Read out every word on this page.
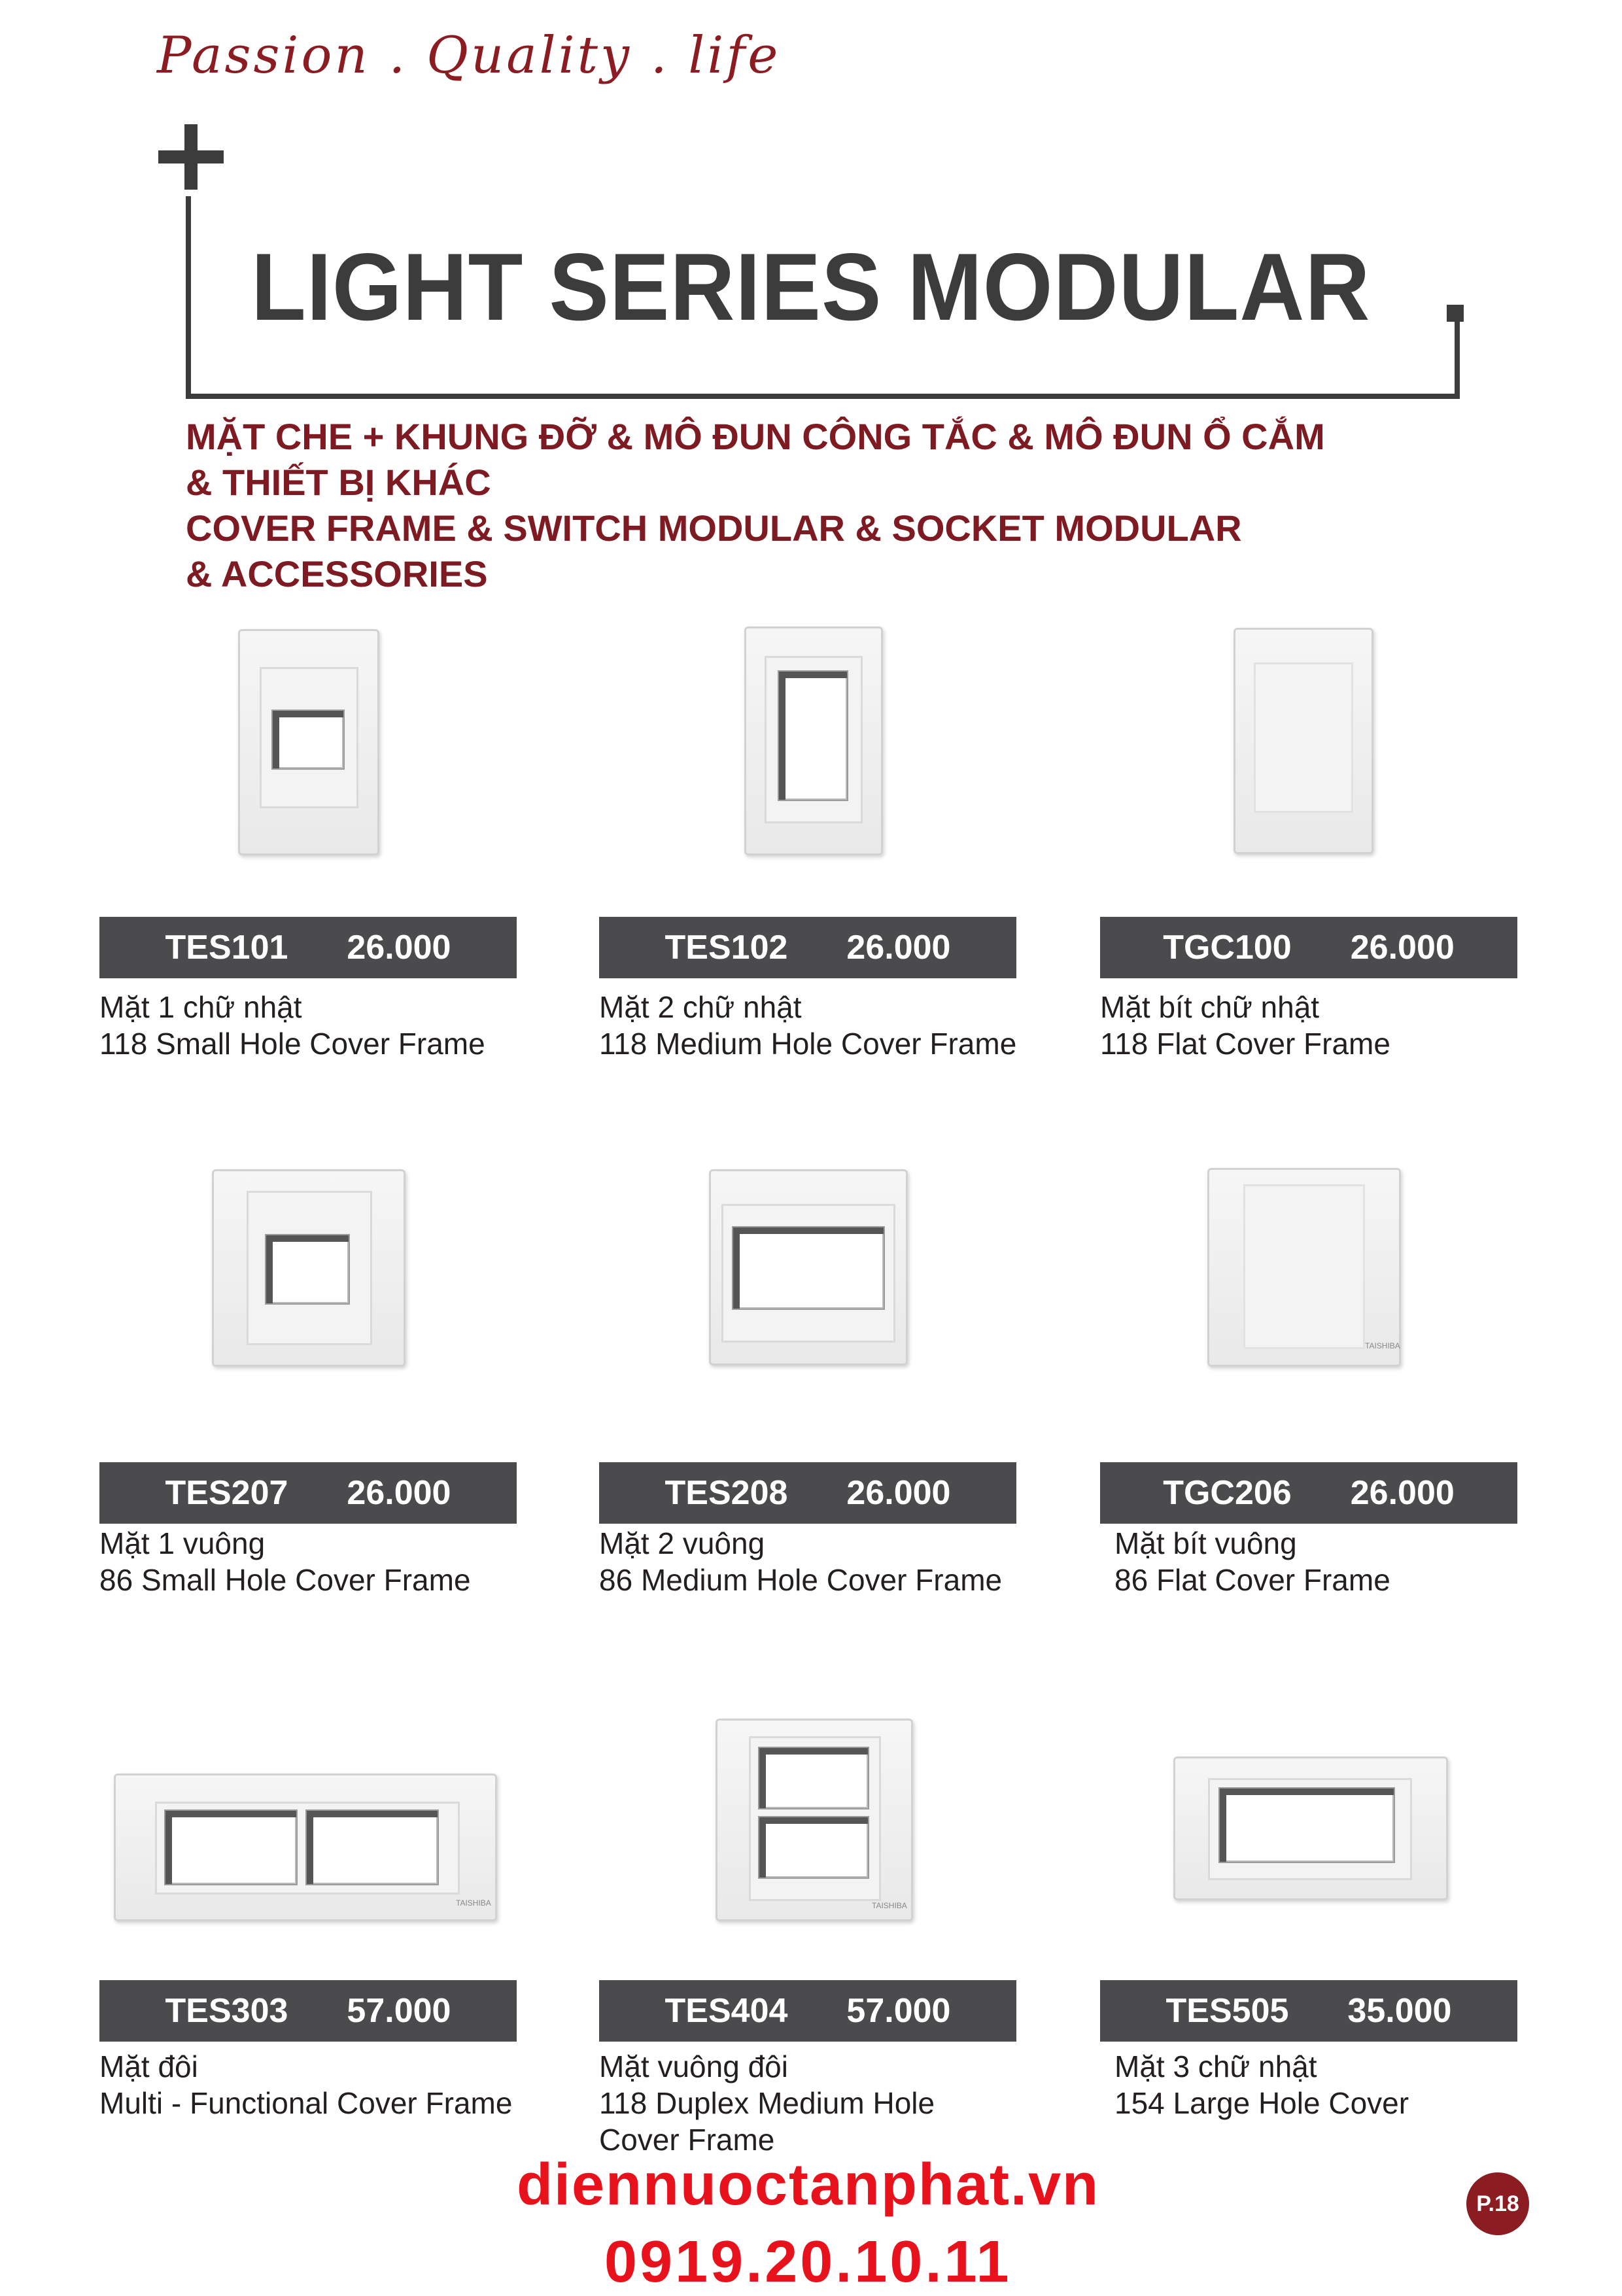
Passion . Quality . life
LIGHT SERIES MODULAR
MẶT CHE + KHUNG ĐỠ & MÔ ĐUN CÔNG TẮC & MÔ ĐUN Ổ CẮM
& THIẾT BỊ KHÁC
COVER FRAME & SWITCH MODULAR & SOCKET MODULAR
& ACCESSORIES
TES101 26.000
Mặt 1 chữ nhật
118 Small Hole Cover Frame
TES102 26.000
Mặt 2 chữ nhật
118 Medium Hole Cover Frame
TGC100 26.000
Mặt bít chữ nhật
118 Flat Cover Frame
TES207 26.000
Mặt 1 vuông
86 Small Hole Cover Frame
TES208 26.000
Mặt 2 vuông
86 Medium Hole Cover Frame
TAISHIBA
TGC206 26.000
Mặt bít vuông
86 Flat Cover Frame
TAISHIBA
TES303 57.000
Mặt đôi
Multi - Functional Cover Frame
TAISHIBA
TES404 57.000
Mặt vuông đôi
118 Duplex Medium Hole Cover Frame
TES505 35.000
Mặt 3 chữ nhật
154 Large Hole Cover
diennuoctanphat.vn
0919.20.10.11
P.18
